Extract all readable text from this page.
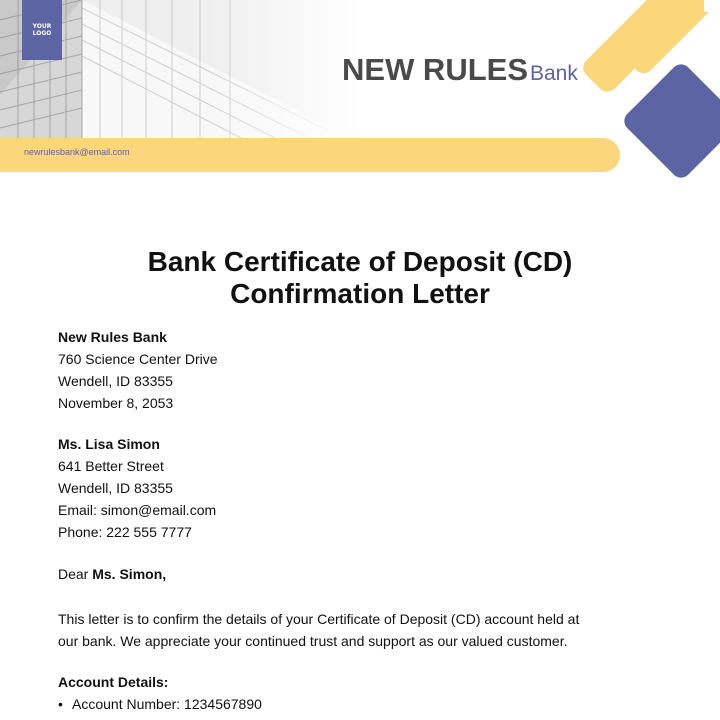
YOUR
LOGO
NEW RULES Bank
newrulesbank@email.com
Bank Certificate of Deposit (CD)
Confirmation Letter
New Rules Bank
760 Science Center Drive
Wendell, ID 83355
November 8, 2053
Ms. Lisa Simon
641 Better Street
Wendell, ID 83355
Email: simon@email.com
Phone: 222 555 7777
Dear Ms. Simon,
This letter is to confirm the details of your Certificate of Deposit (CD) account held at
our bank. We appreciate your continued trust and support as our valued customer.
Account Details:
• Account Number: 1234567890
